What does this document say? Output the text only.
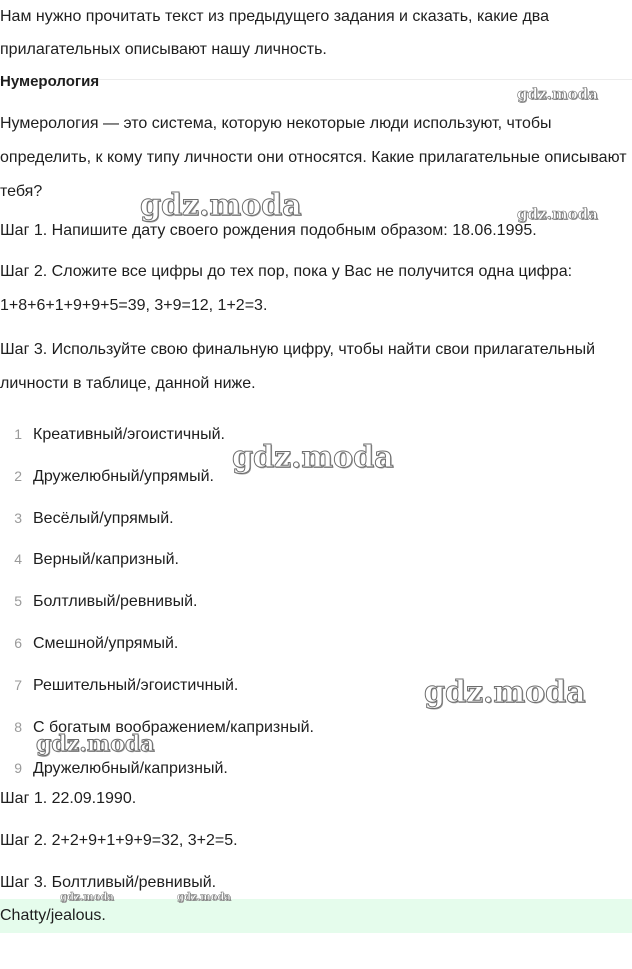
Нам нужно прочитать текст из предыдущего задания и сказать, какие два прилагательных описывают нашу личность.
Нумерология
Нумерология — это система, которую некоторые люди используют, чтобы определить, к кому типу личности они относятся. Какие прилагательные описывают тебя?
Шаг 1. Напишите дату своего рождения подобным образом: 18.06.1995.
Шаг 2. Сложите все цифры до тех пор, пока у Вас не получится одна цифра: 1+8+6+1+9+9+5=39, 3+9=12, 1+2=3.
Шаг 3. Используйте свою финальную цифру, чтобы найти свои прилагательный личности в таблице, данной ниже.
1 Креативный/эгоистичный.
2 Дружелюбный/упрямый.
3 Весёлый/упрямый.
4 Верный/капризный.
5 Болтливый/ревнивый.
6 Смешной/упрямый.
7 Решительный/эгоистичный.
8 С богатым воображением/капризный.
9 Дружелюбный/капризный.
Шаг 1. 22.09.1990.
Шаг 2. 2+2+9+1+9+9=32, 3+2=5.
Шаг 3. Болтливый/ревнивый.
Chatty/jealous.
gdz.moda
gdz.moda	gdz.moda
gdz.moda
gdz.moda
gdz.moda
gdz.moda	gdz.moda
